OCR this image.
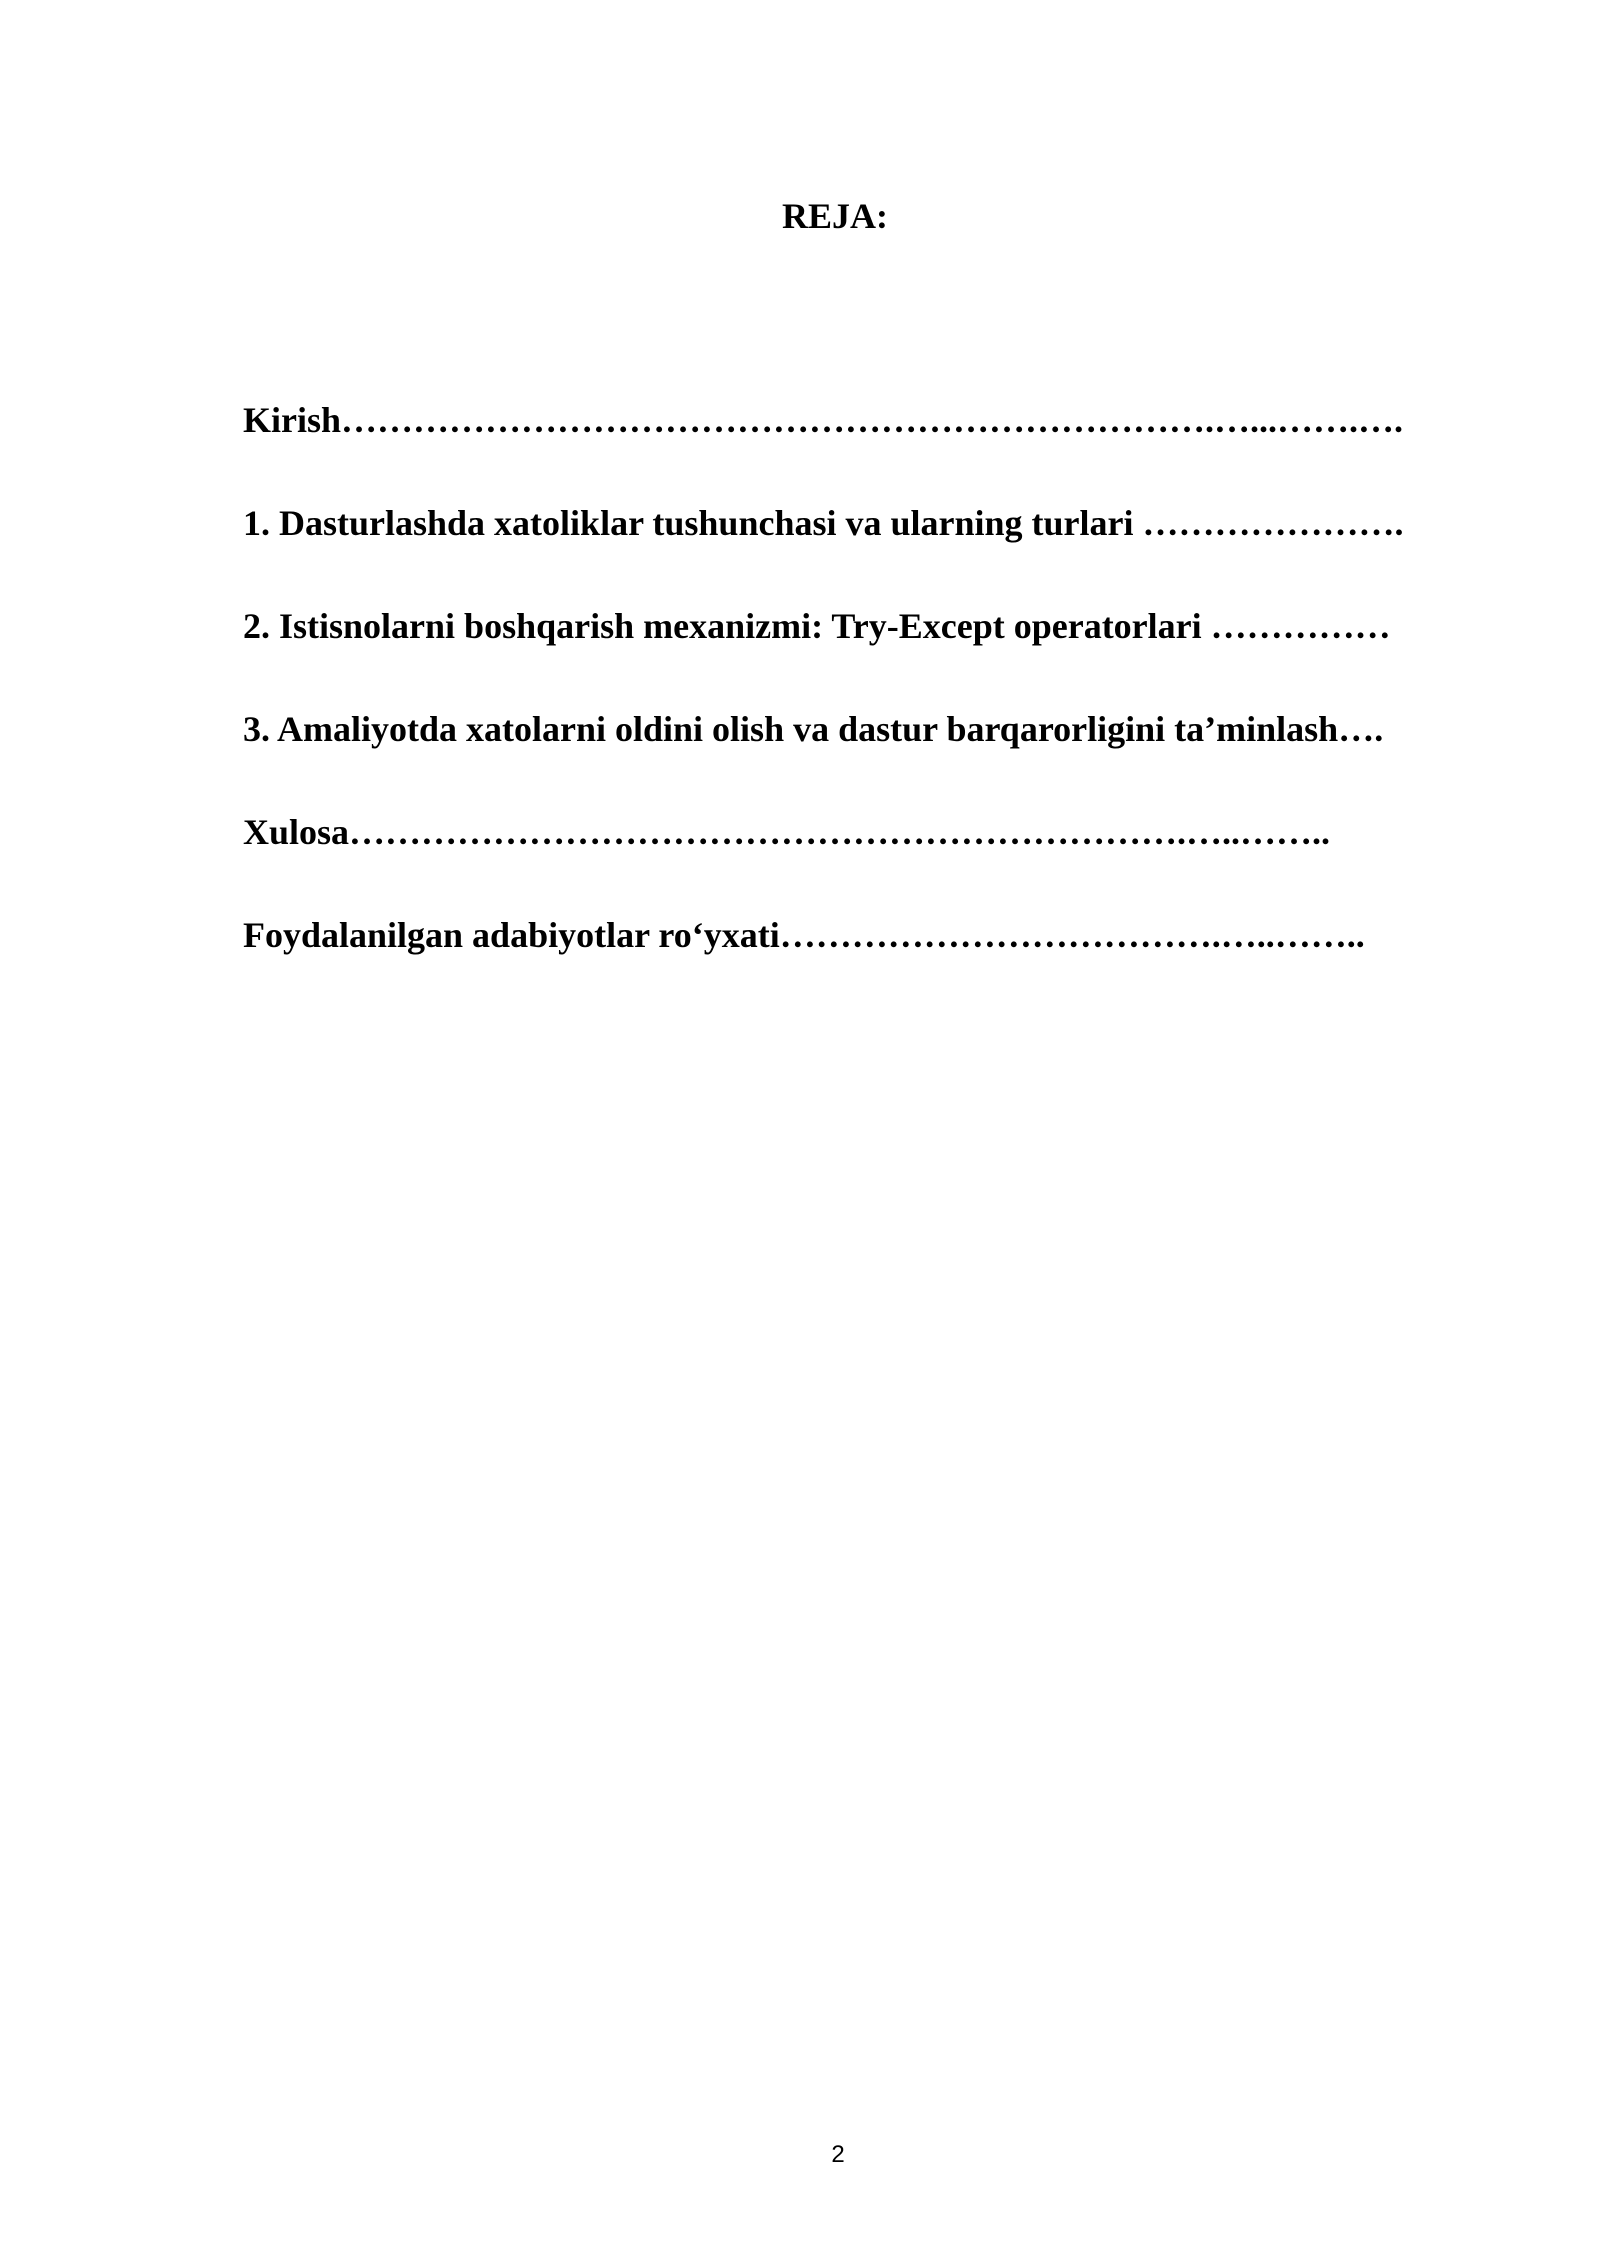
REJA:
Kirish……………………………………………………………….…...…….….
1. Dasturlashda xatoliklar tushunchasi va ularning turlari ………………….
2. Istisnolarni boshqarish mexanizmi: Try-Except operatorlari ……………
3. Amaliyotda xatolarni oldini olish va dastur barqarorligini ta’minlash….
Xulosa…………………………………………………………….…..……..
Foydalanilgan adabiyotlar ro‘yxati……………………………….…..……..
2
